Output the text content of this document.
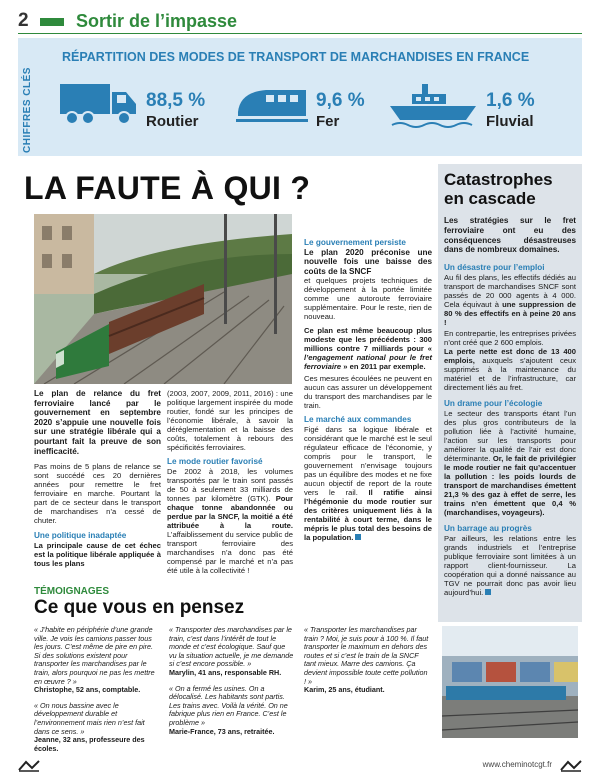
2	Sortir de l’impasse
CHIFFRES CLÉS
RÉPARTITION DES MODES DE TRANSPORT DE MARCHANDISES EN FRANCE
88,5 %
Routier
9,6 %
Fer
1,6 %
Fluvial
LA FAUTE À QUI ?

Le plan de relance du fret ferroviaire lancé par le gouvernement en septembre 2020 s’appuie une nouvelle fois sur une stratégie libérale qui a pourtant fait la preuve de son inefficacité.

Pas moins de 5 plans de relance se sont succédé ces 20 dernières années pour remettre le fret ferroviaire en marche. Pourtant la part de ce secteur dans le transport de marchandises n’a cessé de chuter.

Une politique inadaptée

La principale cause de cet échec est la politique libérale appliquée à tous les plans

(2003, 2007, 2009, 2011, 2016) : une politique largement inspirée du mode routier, fondé sur les principes de l’économie libérale, à savoir la déréglementation et la baisse des coûts, totalement à rebours des spécificités ferroviaires.

Le mode routier favorisé

De 2002 à 2018, les volumes transportés par le train sont passés de 50 à seulement 33 milliards de tonnes par kilomètre (GTK). Pour chaque tonne abandonnée ou perdue par la SNCF, la moitié a été attribuée à la route. L’affaiblissement du service public de transport ferroviaire des marchandises n’a donc pas été compensé par le marché et n’a pas été utile à la collectivité !

Le gouvernement persiste

Le plan 2020 préconise une nouvelle fois une baisse des coûts de la SNCF

et quelques projets techniques de développement à la portée limitée comme une autoroute ferroviaire supplémentaire. Pour le reste, rien de nouveau.

Ce plan est même beaucoup plus modeste que les précédents : 300 millions contre 7 milliards pour « l’engagement national pour le fret ferroviaire » en 2011 par exemple.

Ces mesures écoulées ne peuvent en aucun cas assurer un développement du transport des marchandises par le train.

Le marché aux commandes

Figé dans sa logique libérale et considérant que le marché est le seul régulateur efficace de l’économie, y compris pour le transport, le gouvernement n’envisage toujours pas un équilibre des modes et ne fixe aucun objectif de report de la route vers le rail. Il ratifie ainsi l’hégémonie du mode routier sur des critères uniquement liés à la rentabilité à court terme, dans le mépris le plus total des besoins de la population.

Catastrophes
en cascade

Les stratégies sur le fret ferroviaire ont eu des conséquences désastreuses dans de nombreux domaines.

Un désastre pour l’emploi

Au fil des plans, les effectifs dédiés au transport de marchandises SNCF sont passés de 20 000 agents à 4 000. Cela équivaut à une suppression de 80 % des effectifs en à peine 20 ans !

En contrepartie, les entreprises privées n’ont créé que 2 600 emplois.

La perte nette est donc de 13 400 emplois, auxquels s’ajoutent ceux supprimés à la maintenance du matériel et de l’infrastructure, car directement liés au fret.

Un drame pour l’écologie

Le secteur des transports étant l’un des plus gros contributeurs de la pollution liée à l’activité humaine, l’action sur les transports pour améliorer la qualité de l’air est donc déterminante. Or, le fait de privilégier le mode routier ne fait qu’accentuer la pollution : les poids lourds de transport de marchandises émettent 21,3 % des gaz à effet de serre, les trains n’en émettent que 0,4 % (marchandises, voyageurs).

Un barrage au progrès

Par ailleurs, les relations entre les grands industriels et l’entreprise publique ferroviaire sont limitées à un rapport client-fournisseur. La coopération qui a donné naissance au TGV ne pourrait donc pas avoir lieu aujourd’hui.

TÉMOIGNAGES
Ce que vous en pensez

« J’habite en périphérie d’une grande ville. Je vois les camions passer tous les jours. C’est même de pire en pire. Si des solutions existent pour transporter les marchandises par le train, alors pourquoi ne pas les mettre en œuvre ? »

Christophe, 52 ans, comptable.

« On nous bassine avec le développement durable et l’environnement mais rien n’est fait dans ce sens. »

Jeanne, 32 ans, professeure des écoles.

« Transporter des marchandises par le train, c’est dans l’intérêt de tout le monde et c’est écologique. Sauf que vu la situation actuelle, je me demande si c’est encore possible. »

Marylin, 41 ans, responsable RH.

« On a fermé les usines. On a délocalisé. Les habitants sont partis. Les trains avec. Voilà la vérité. On ne fabrique plus rien en France. C’est le problème »

Marie-France, 73 ans, retraitée.

« Transporter les marchandises par train ? Moi, je suis pour à 100 %. Il faut transporter le maximum en dehors des routes et si c’est le train de la SNCF tant mieux. Marre des camions. Ça devient impossible toute cette pollution ! »

Karim, 25 ans, étudiant.

www.cheminotcgt.fr
